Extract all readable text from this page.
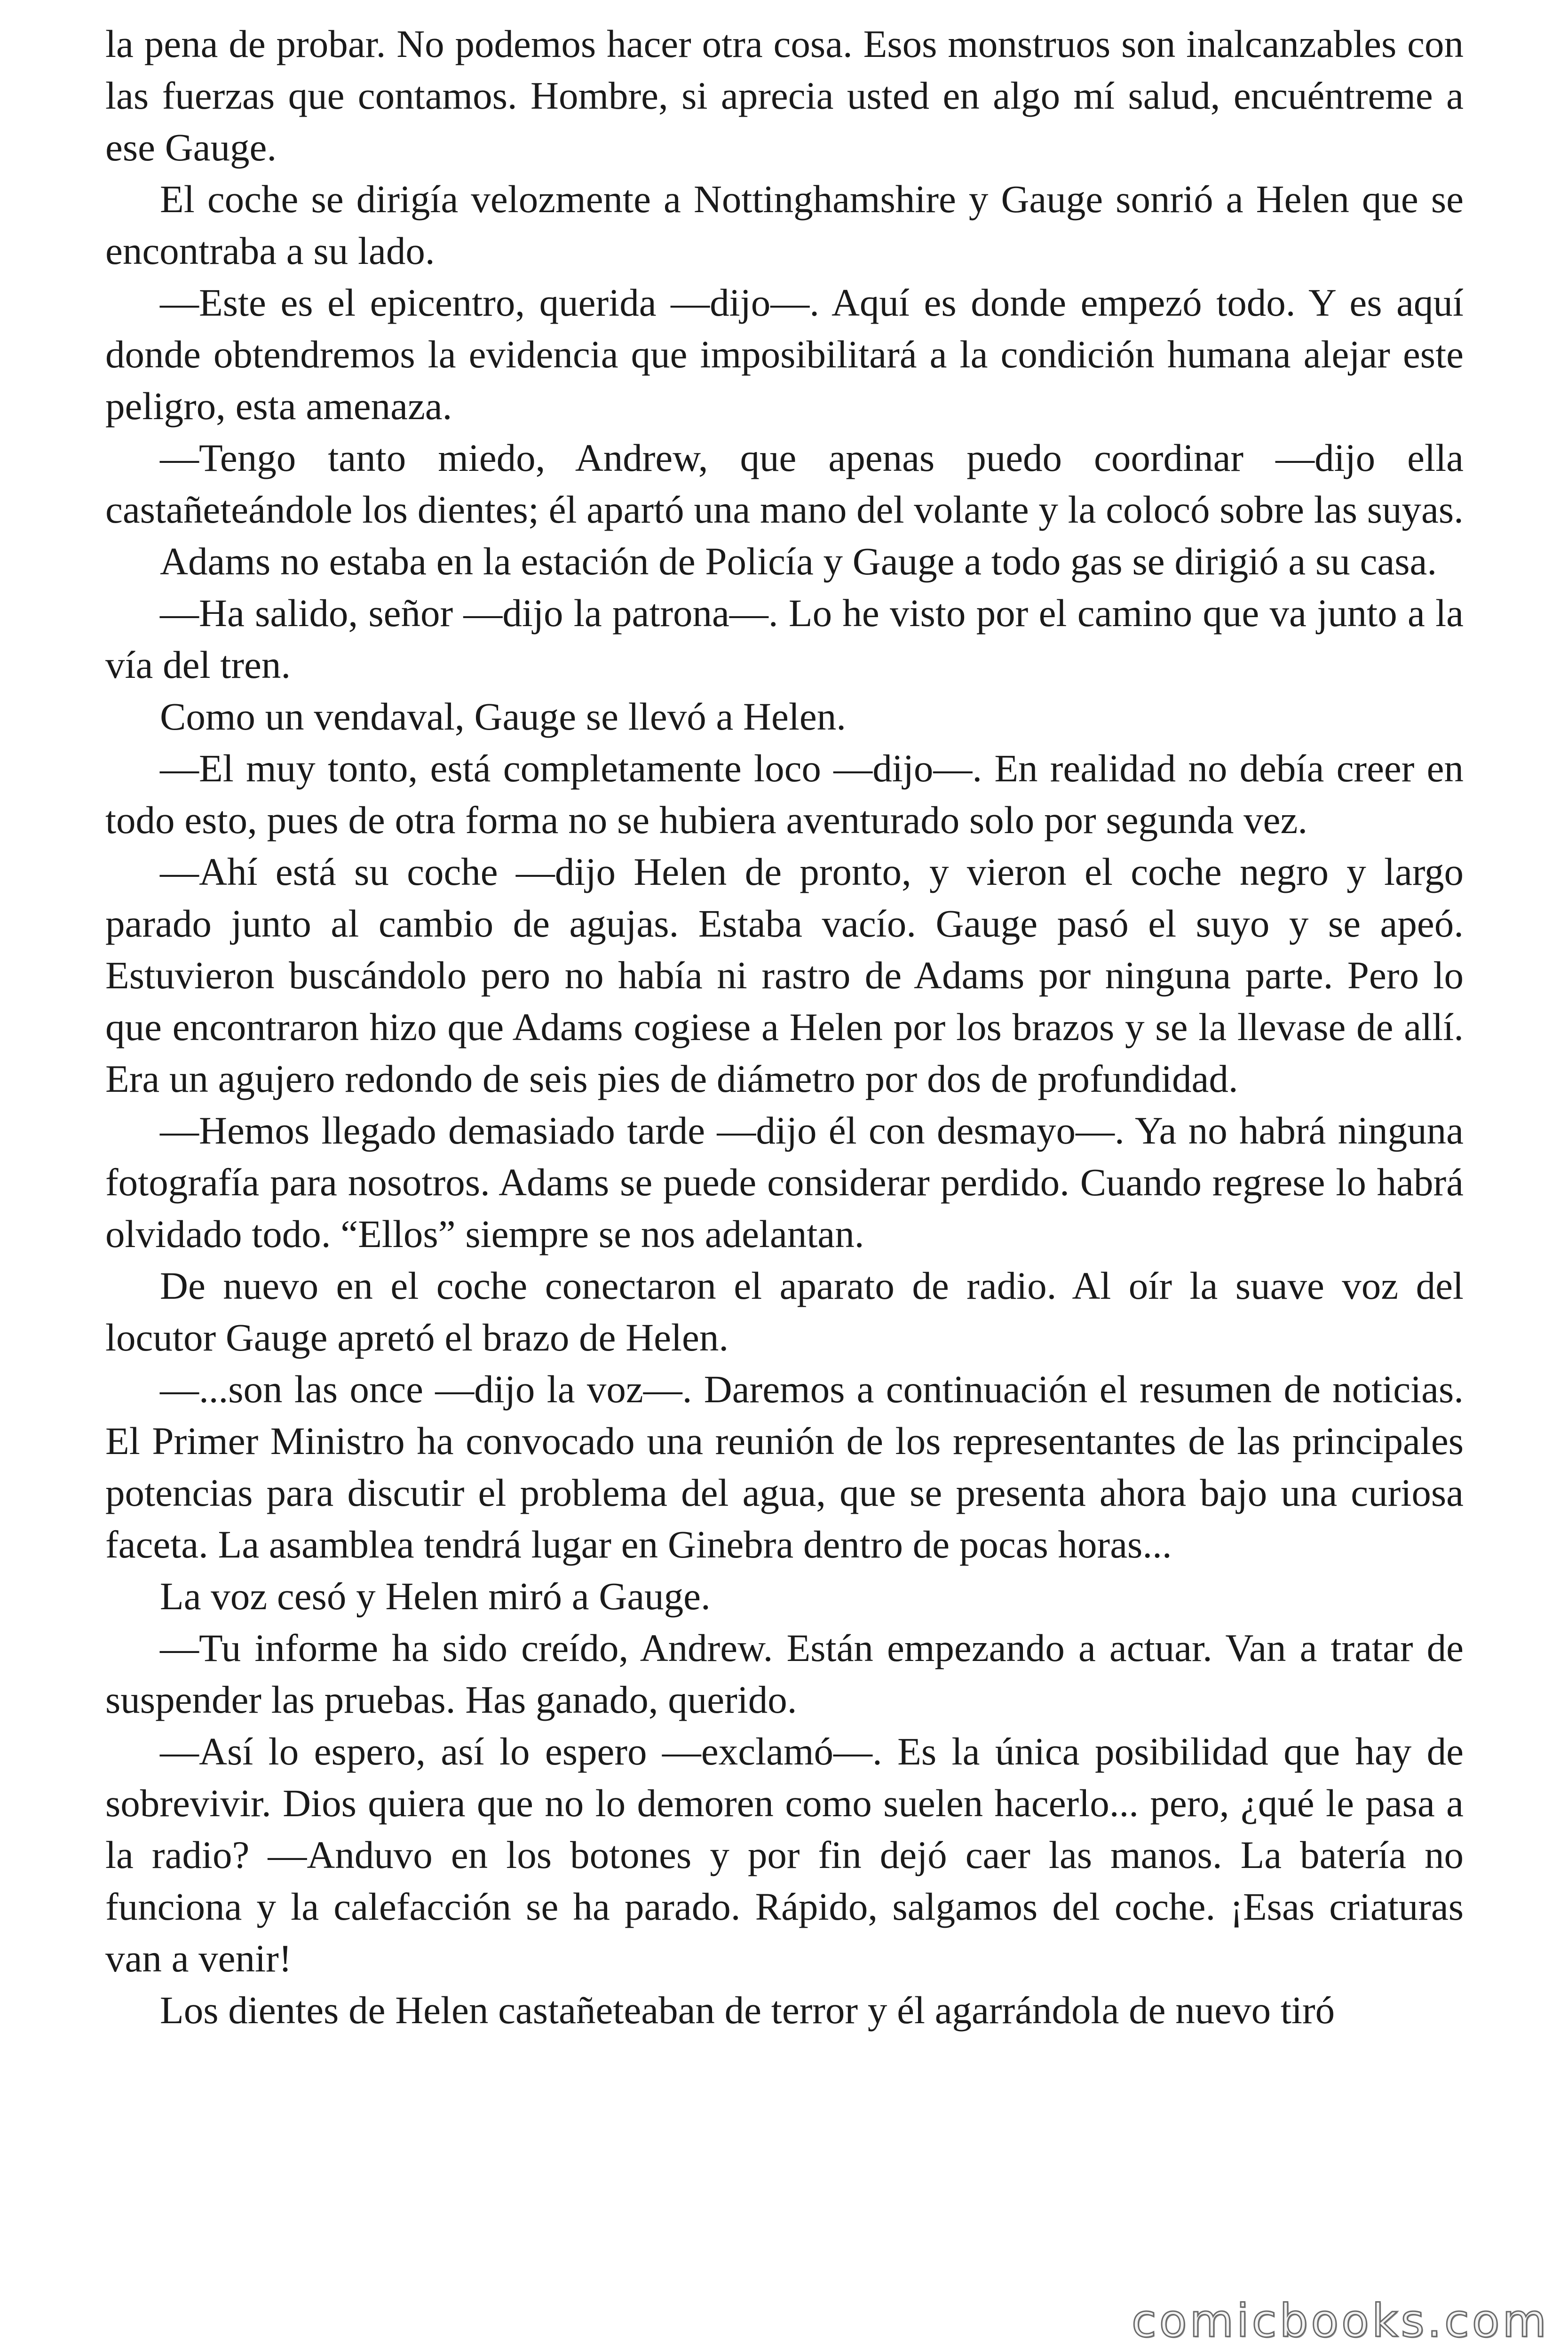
la pena de probar. No podemos hacer otra cosa. Esos monstruos son inalcanzables con las fuerzas que contamos. Hombre, si aprecia usted en algo mí salud, encuéntreme a ese Gauge.

El coche se dirigía velozmente a Nottinghamshire y Gauge sonrió a Helen que se encontraba a su lado.

—Este es el epicentro, querida —dijo—. Aquí es donde empezó todo. Y es aquí donde obtendremos la evidencia que imposibilitará a la condición humana alejar este peligro, esta amenaza.

—Tengo tanto miedo, Andrew, que apenas puedo coordinar —dijo ella castañeteándole los dientes; él apartó una mano del volante y la colocó sobre las suyas.

Adams no estaba en la estación de Policía y Gauge a todo gas se dirigió a su casa.

—Ha salido, señor —dijo la patrona—. Lo he visto por el camino que va junto a la vía del tren.

Como un vendaval, Gauge se llevó a Helen.

—El muy tonto, está completamente loco —dijo—. En realidad no debía creer en todo esto, pues de otra forma no se hubiera aventurado solo por segunda vez.

—Ahí está su coche —dijo Helen de pronto, y vieron el coche negro y largo parado junto al cambio de agujas. Estaba vacío. Gauge pasó el suyo y se apeó. Estuvieron buscándolo pero no había ni rastro de Adams por ninguna parte. Pero lo que encontraron hizo que Adams cogiese a Helen por los brazos y se la llevase de allí. Era un agujero redondo de seis pies de diámetro por dos de profundidad.

—Hemos llegado demasiado tarde —dijo él con desmayo—. Ya no habrá ninguna fotografía para nosotros. Adams se puede considerar perdido. Cuando regrese lo habrá olvidado todo. “Ellos” siempre se nos adelantan.

De nuevo en el coche conectaron el aparato de radio. Al oír la suave voz del locutor Gauge apretó el brazo de Helen.

—...son las once —dijo la voz—. Daremos a continuación el resumen de noticias. El Primer Ministro ha convocado una reunión de los representantes de las principales potencias para discutir el problema del agua, que se presenta ahora bajo una curiosa faceta. La asamblea tendrá lugar en Ginebra dentro de pocas horas...

La voz cesó y Helen miró a Gauge.

—Tu informe ha sido creído, Andrew. Están empezando a actuar. Van a tratar de suspender las pruebas. Has ganado, querido.

—Así lo espero, así lo espero —exclamó—. Es la única posibilidad que hay de sobrevivir. Dios quiera que no lo demoren como suelen hacerlo... pero, ¿qué le pasa a la radio? —Anduvo en los botones y por fin dejó caer las manos. La batería no funciona y la calefacción se ha parado. Rápido, salgamos del coche. ¡Esas criaturas van a venir!

Los dientes de Helen castañeteaban de terror y él agarrándola de nuevo tiró

comicbooks.com
